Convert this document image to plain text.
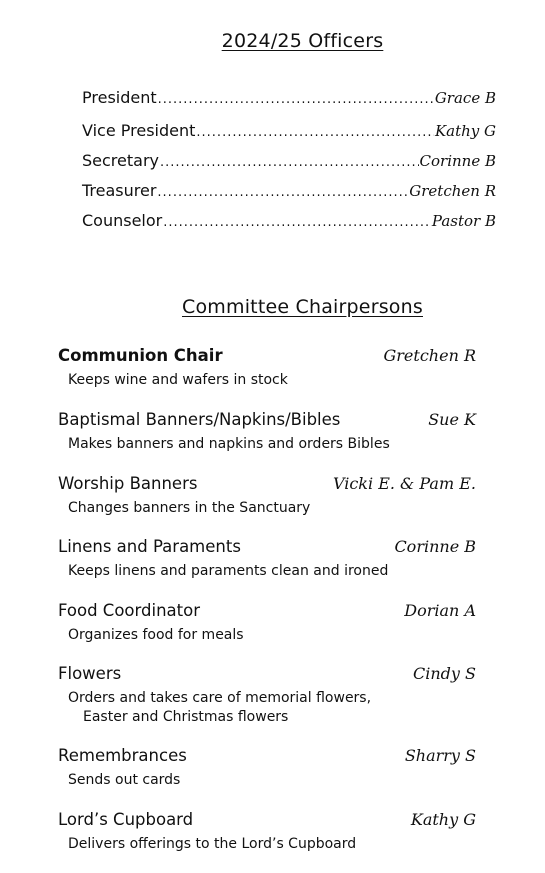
2024/25 Officers
President .....	Grace B
Vice President .....	Kathy G
Secretary .....	Corinne B
Treasurer .....	Gretchen R
Counselor .....	Pastor B
Committee Chairpersons
Communion Chair	Gretchen R
Keeps wine and wafers in stock
Baptismal Banners/Napkins/Bibles	Sue K
Makes banners and napkins and orders Bibles
Worship Banners	Vicki E. & Pam E.
Changes banners in the Sanctuary
Linens and Paraments	Corinne B
Keeps linens and paraments clean and ironed
Food Coordinator	Dorian A
Organizes food for meals
Flowers	Cindy S
Orders and takes care of memorial flowers,
Easter and Christmas flowers
Remembrances	Sharry S
Sends out cards
Lord’s Cupboard	Kathy G
Delivers offerings to the Lord’s Cupboard
